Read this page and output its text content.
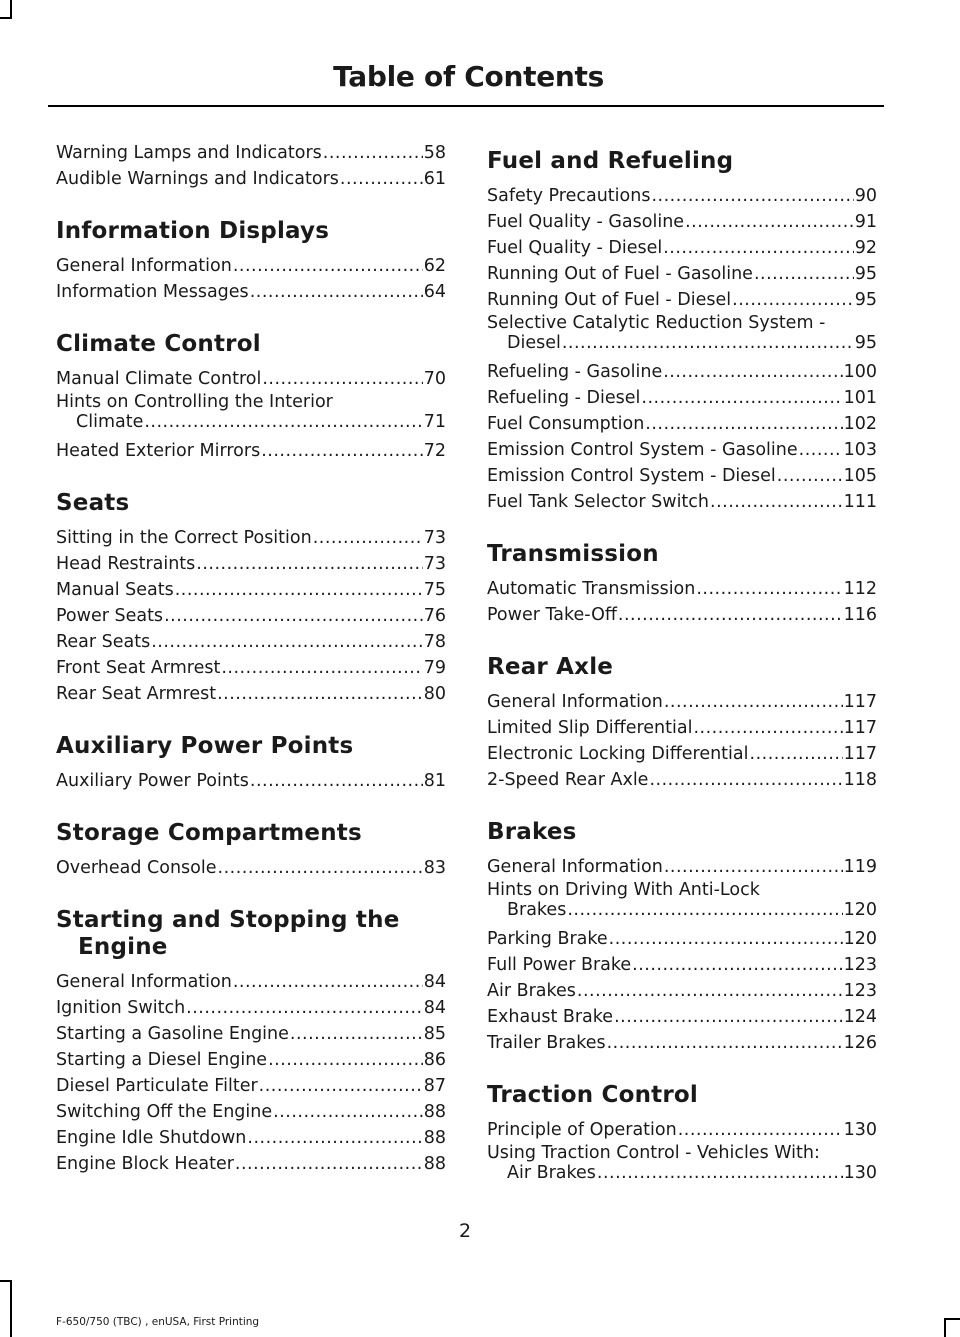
Table of Contents
Warning Lamps and Indicators .....	58
Audible Warnings and Indicators .....	61
Information Displays
General Information .....	62
Information Messages .....	64
Climate Control
Manual Climate Control .....	70
Hints on Controlling the Interior
Climate .....	71
Heated Exterior Mirrors .....	72
Seats
Sitting in the Correct Position .....	73
Head Restraints .....	73
Manual Seats .....	75
Power Seats .....	76
Rear Seats .....	78
Front Seat Armrest .....	79
Rear Seat Armrest .....	80
Auxiliary Power Points
Auxiliary Power Points .....	81
Storage Compartments
Overhead Console .....	83
Starting and Stopping the
Engine
General Information .....	84
Ignition Switch .....	84
Starting a Gasoline Engine .....	85
Starting a Diesel Engine .....	86
Diesel Particulate Filter .....	87
Switching Off the Engine .....	88
Engine Idle Shutdown .....	88
Engine Block Heater .....	88
Fuel and Refueling
Safety Precautions .....	90
Fuel Quality - Gasoline .....	91
Fuel Quality - Diesel .....	92
Running Out of Fuel - Gasoline .....	95
Running Out of Fuel - Diesel .....	95
Selective Catalytic Reduction System -
Diesel .....	95
Refueling - Gasoline .....	100
Refueling - Diesel .....	101
Fuel Consumption .....	102
Emission Control System - Gasoline .....	103
Emission Control System - Diesel .....	105
Fuel Tank Selector Switch .....	111
Transmission
Automatic Transmission .....	112
Power Take-Off .....	116
Rear Axle
General Information .....	117
Limited Slip Differential .....	117
Electronic Locking Differential .....	117
2-Speed Rear Axle .....	118
Brakes
General Information .....	119
Hints on Driving With Anti-Lock
Brakes .....	120
Parking Brake .....	120
Full Power Brake .....	123
Air Brakes .....	123
Exhaust Brake .....	124
Trailer Brakes .....	126
Traction Control
Principle of Operation .....	130
Using Traction Control - Vehicles With:
Air Brakes .....	130
2
F-650/750 (TBC) , enUSA, First Printing
